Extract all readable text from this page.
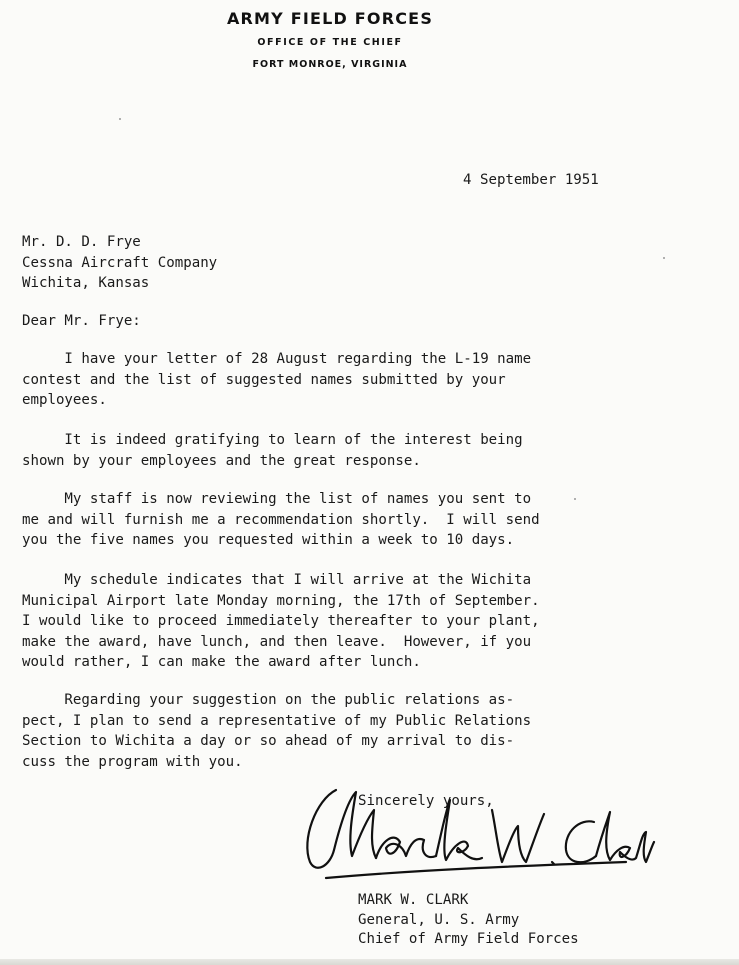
ARMY FIELD FORCES
OFFICE OF THE CHIEF
FORT MONROE, VIRGINIA
4 September 1951
Mr. D. D. Frye
Cessna Aircraft Company
Wichita, Kansas
Dear Mr. Frye:
I have your letter of 28 August regarding the L-19 name
contest and the list of suggested names submitted by your
employees.
It is indeed gratifying to learn of the interest being
shown by your employees and the great response.
My staff is now reviewing the list of names you sent to
me and will furnish me a recommendation shortly.  I will send
you the five names you requested within a week to 10 days.
My schedule indicates that I will arrive at the Wichita
Municipal Airport late Monday morning, the 17th of September.
I would like to proceed immediately thereafter to your plant,
make the award, have lunch, and then leave.  However, if you
would rather, I can make the award after lunch.
Regarding your suggestion on the public relations as-
pect, I plan to send a representative of my Public Relations
Section to Wichita a day or so ahead of my arrival to dis-
cuss the program with you.
Sincerely yours,
MARK W. CLARK
General, U. S. Army
Chief of Army Field Forces
